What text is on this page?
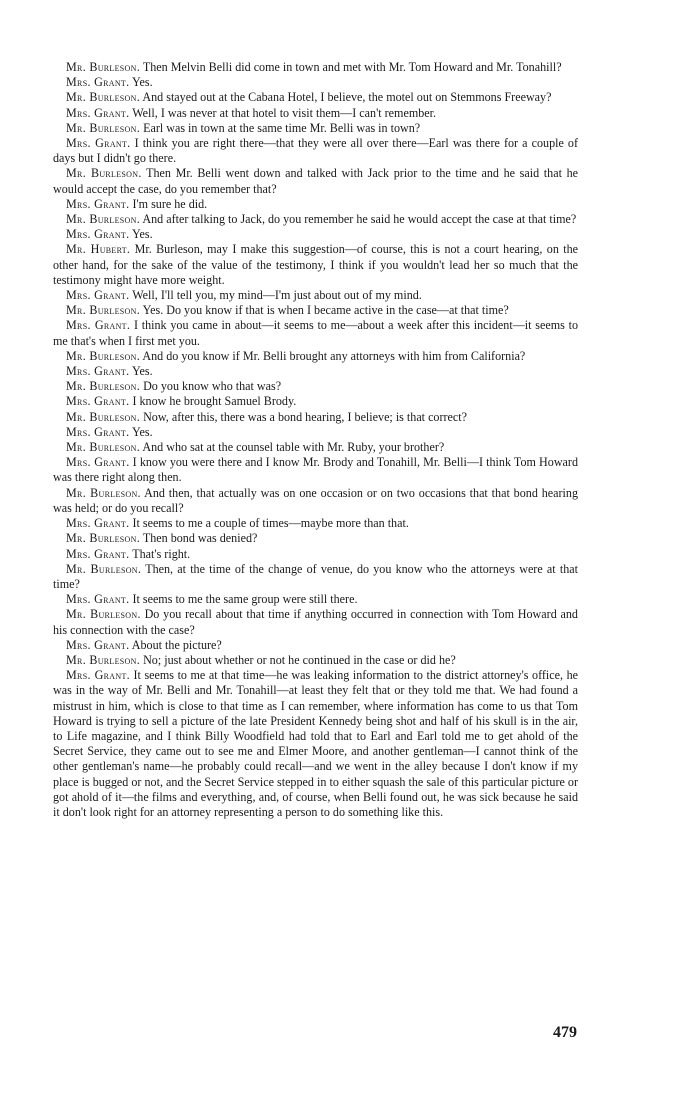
Mr. Burleson. Then Melvin Belli did come in town and met with Mr. Tom Howard and Mr. Tonahill?

Mrs. Grant. Yes.

Mr. Burleson. And stayed out at the Cabana Hotel, I believe, the motel out on Stemmons Freeway?

Mrs. Grant. Well, I was never at that hotel to visit them—I can't remember.

Mr. Burleson. Earl was in town at the same time Mr. Belli was in town?

Mrs. Grant. I think you are right there—that they were all over there—Earl was there for a couple of days but I didn't go there.

Mr. Burleson. Then Mr. Belli went down and talked with Jack prior to the time and he said that he would accept the case, do you remember that?

Mrs. Grant. I'm sure he did.

Mr. Burleson. And after talking to Jack, do you remember he said he would accept the case at that time?

Mrs. Grant. Yes.

Mr. Hubert. Mr. Burleson, may I make this suggestion—of course, this is not a court hearing, on the other hand, for the sake of the value of the testimony, I think if you wouldn't lead her so much that the testimony might have more weight.

Mrs. Grant. Well, I'll tell you, my mind—I'm just about out of my mind.

Mr. Burleson. Yes. Do you know if that is when I became active in the case—at that time?

Mrs. Grant. I think you came in about—it seems to me—about a week after this incident—it seems to me that's when I first met you.

Mr. Burleson. And do you know if Mr. Belli brought any attorneys with him from California?

Mrs. Grant. Yes.

Mr. Burleson. Do you know who that was?

Mrs. Grant. I know he brought Samuel Brody.

Mr. Burleson. Now, after this, there was a bond hearing, I believe; is that correct?

Mrs. Grant. Yes.

Mr. Burleson. And who sat at the counsel table with Mr. Ruby, your brother?

Mrs. Grant. I know you were there and I know Mr. Brody and Tonahill, Mr. Belli—I think Tom Howard was there right along then.

Mr. Burleson. And then, that actually was on one occasion or on two occasions that that bond hearing was held; or do you recall?

Mrs. Grant. It seems to me a couple of times—maybe more than that.

Mr. Burleson. Then bond was denied?

Mrs. Grant. That's right.

Mr. Burleson. Then, at the time of the change of venue, do you know who the attorneys were at that time?

Mrs. Grant. It seems to me the same group were still there.

Mr. Burleson. Do you recall about that time if anything occurred in connection with Tom Howard and his connection with the case?

Mrs. Grant. About the picture?

Mr. Burleson. No; just about whether or not he continued in the case or did he?

Mrs. Grant. It seems to me at that time—he was leaking information to the district attorney's office, he was in the way of Mr. Belli and Mr. Tonahill—at least they felt that or they told me that. We had found a mistrust in him, which is close to that time as I can remember, where information has come to us that Tom Howard is trying to sell a picture of the late President Kennedy being shot and half of his skull is in the air, to Life magazine, and I think Billy Woodfield had told that to Earl and Earl told me to get ahold of the Secret Service, they came out to see me and Elmer Moore, and another gentleman—I cannot think of the other gentleman's name—he probably could recall—and we went in the alley because I don't know if my place is bugged or not, and the Secret Service stepped in to either squash the sale of this particular picture or got ahold of it—the films and everything, and, of course, when Belli found out, he was sick because he said it don't look right for an attorney representing a person to do something like this.

479
